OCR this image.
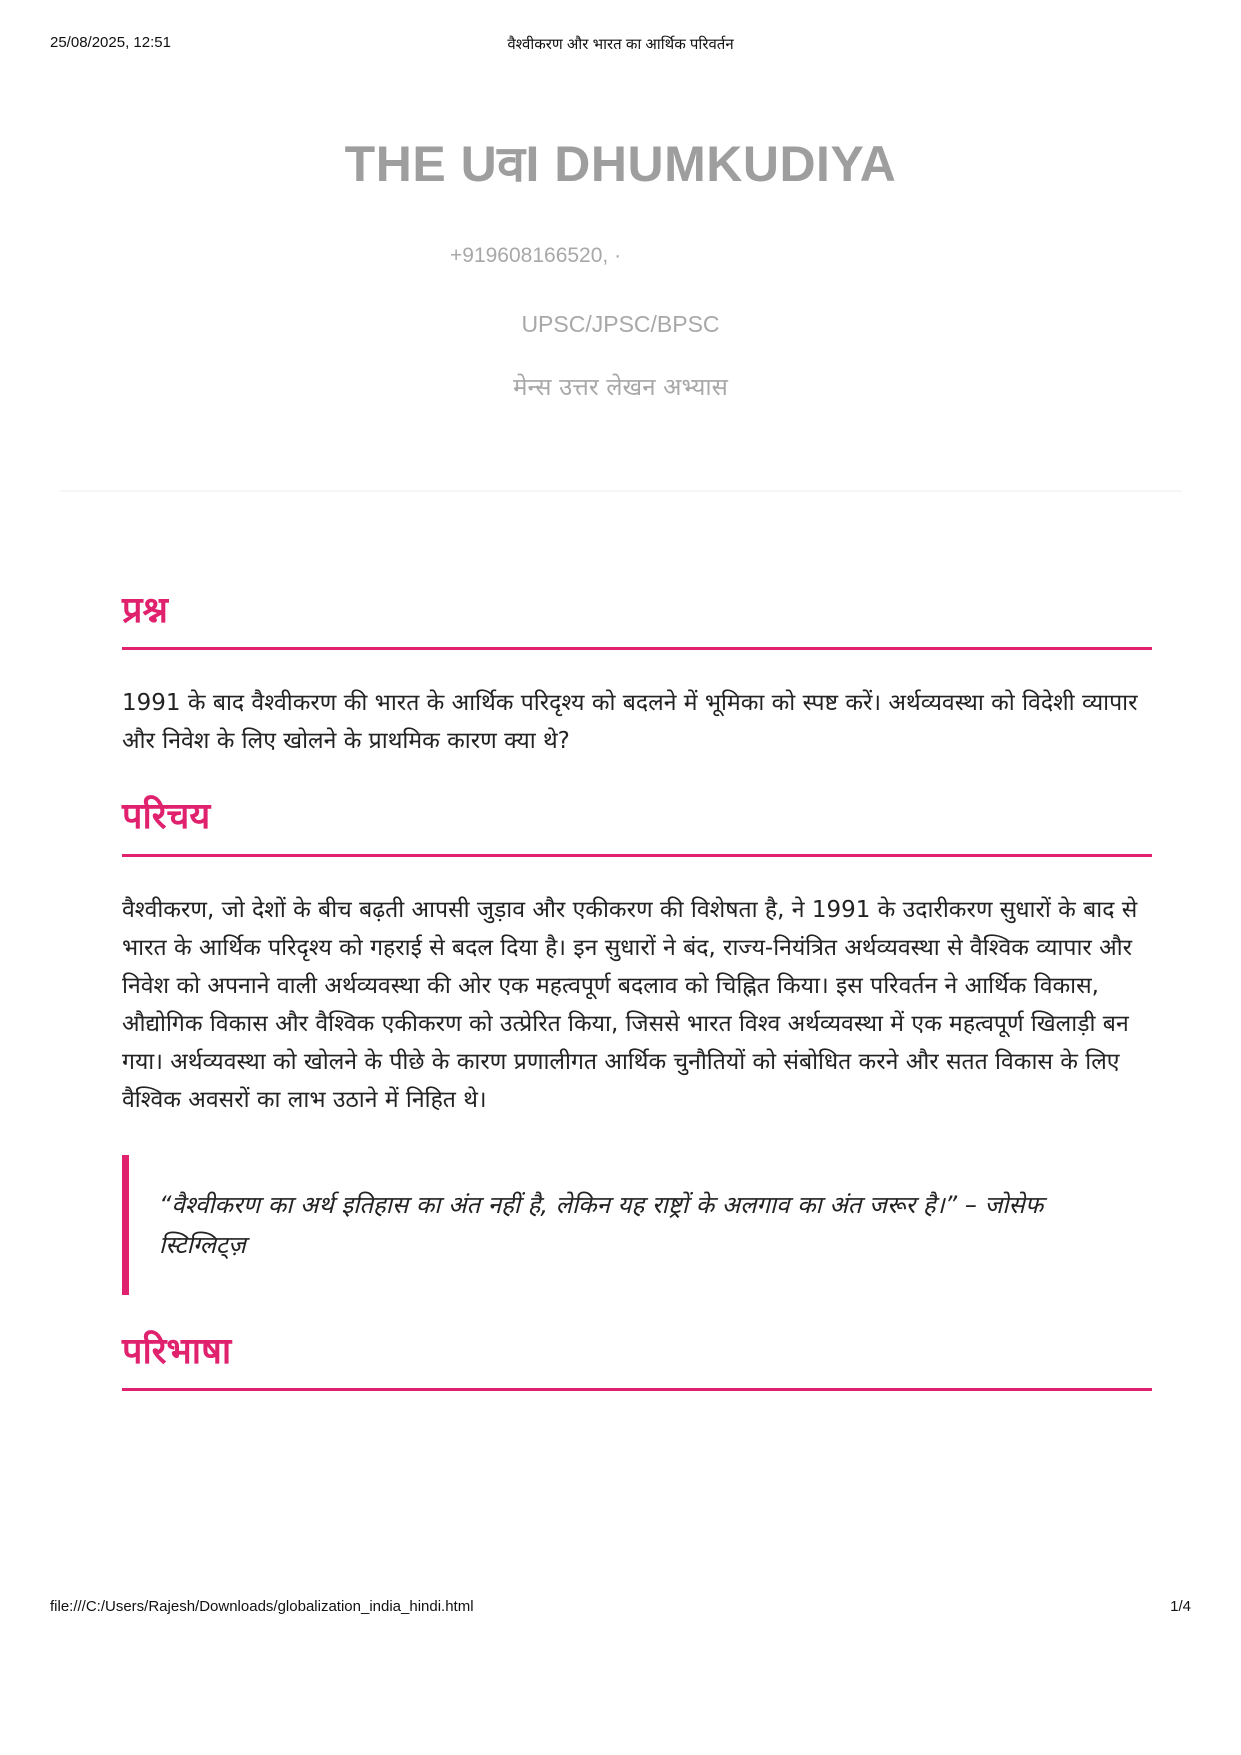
25/08/2025, 12:51	वैश्वीकरण और भारत का आर्थिक परिवर्तन
THE UवI DHUMKUDIYA
+919608166520, ·
UPSC/JPSC/BPSC
मेन्स उत्तर लेखन अभ्यास
प्रश्न

1991 के बाद वैश्वीकरण की भारत के आर्थिक परिदृश्य को बदलने में भूमिका को स्पष्ट करें। अर्थव्यवस्था को विदेशी व्यापार और निवेश के लिए खोलने के प्राथमिक कारण क्या थे?

परिचय

वैश्वीकरण, जो देशों के बीच बढ़ती आपसी जुड़ाव और एकीकरण की विशेषता है, ने 1991 के उदारीकरण सुधारों के बाद से भारत के आर्थिक परिदृश्य को गहराई से बदल दिया है। इन सुधारों ने बंद, राज्य-नियंत्रित अर्थव्यवस्था से वैश्विक व्यापार और निवेश को अपनाने वाली अर्थव्यवस्था की ओर एक महत्वपूर्ण बदलाव को चिह्नित किया। इस परिवर्तन ने आर्थिक विकास, औद्योगिक विकास और वैश्विक एकीकरण को उत्प्रेरित किया, जिससे भारत विश्व अर्थव्यवस्था में एक महत्वपूर्ण खिलाड़ी बन गया। अर्थव्यवस्था को खोलने के पीछे के कारण प्रणालीगत आर्थिक चुनौतियों को संबोधित करने और सतत विकास के लिए वैश्विक अवसरों का लाभ उठाने में निहित थे।

“वैश्वीकरण का अर्थ इतिहास का अंत नहीं है, लेकिन यह राष्ट्रों के अलगाव का अंत जरूर है।” – जोसेफ स्टिग्लिट्ज़
परिभाषा
file:///C:/Users/Rajesh/Downloads/globalization_india_hindi.html	1/4
